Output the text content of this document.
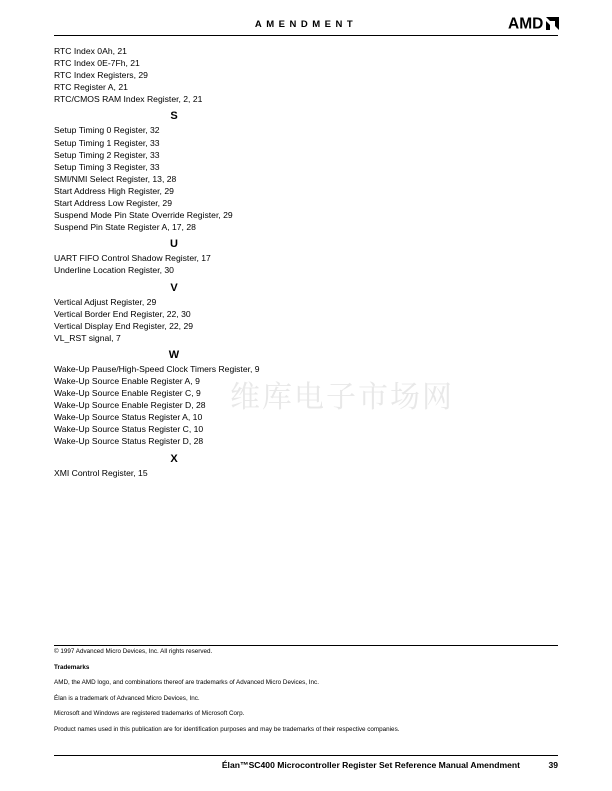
AMENDMENT	AMD
RTC Index 0Ah, 21
RTC Index 0E-7Fh, 21
RTC Index Registers, 29
RTC Register A, 21
RTC/CMOS RAM Index Register, 2, 21
S
Setup Timing 0 Register, 32
Setup Timing 1 Register, 33
Setup Timing 2 Register, 33
Setup Timing 3 Register, 33
SMI/NMI Select Register, 13, 28
Start Address High Register, 29
Start Address Low Register, 29
Suspend Mode Pin State Override Register, 29
Suspend Pin State Register A, 17, 28
U
UART FIFO Control Shadow Register, 17
Underline Location Register, 30
V
Vertical Adjust Register, 29
Vertical Border End Register, 22, 30
Vertical Display End Register, 22, 29
VL_RST signal, 7
W
Wake-Up Pause/High-Speed Clock Timers Register, 9
Wake-Up Source Enable Register A, 9
Wake-Up Source Enable Register C, 9
Wake-Up Source Enable Register D, 28
Wake-Up Source Status Register A, 10
Wake-Up Source Status Register C, 10
Wake-Up Source Status Register D, 28
X
XMI Control Register, 15
维库电子市场网

© 1997 Advanced Micro Devices, Inc. All rights reserved.

Trademarks

AMD, the AMD logo, and combinations thereof are trademarks of Advanced Micro Devices, Inc.

Élan is a trademark of Advanced Micro Devices, Inc.

Microsoft and Windows are registered trademarks of Microsoft Corp.

Product names used in this publication are for identification purposes and may be trademarks of their respective companies.

Élan™SC400 Microcontroller Register Set Reference Manual Amendment	39
